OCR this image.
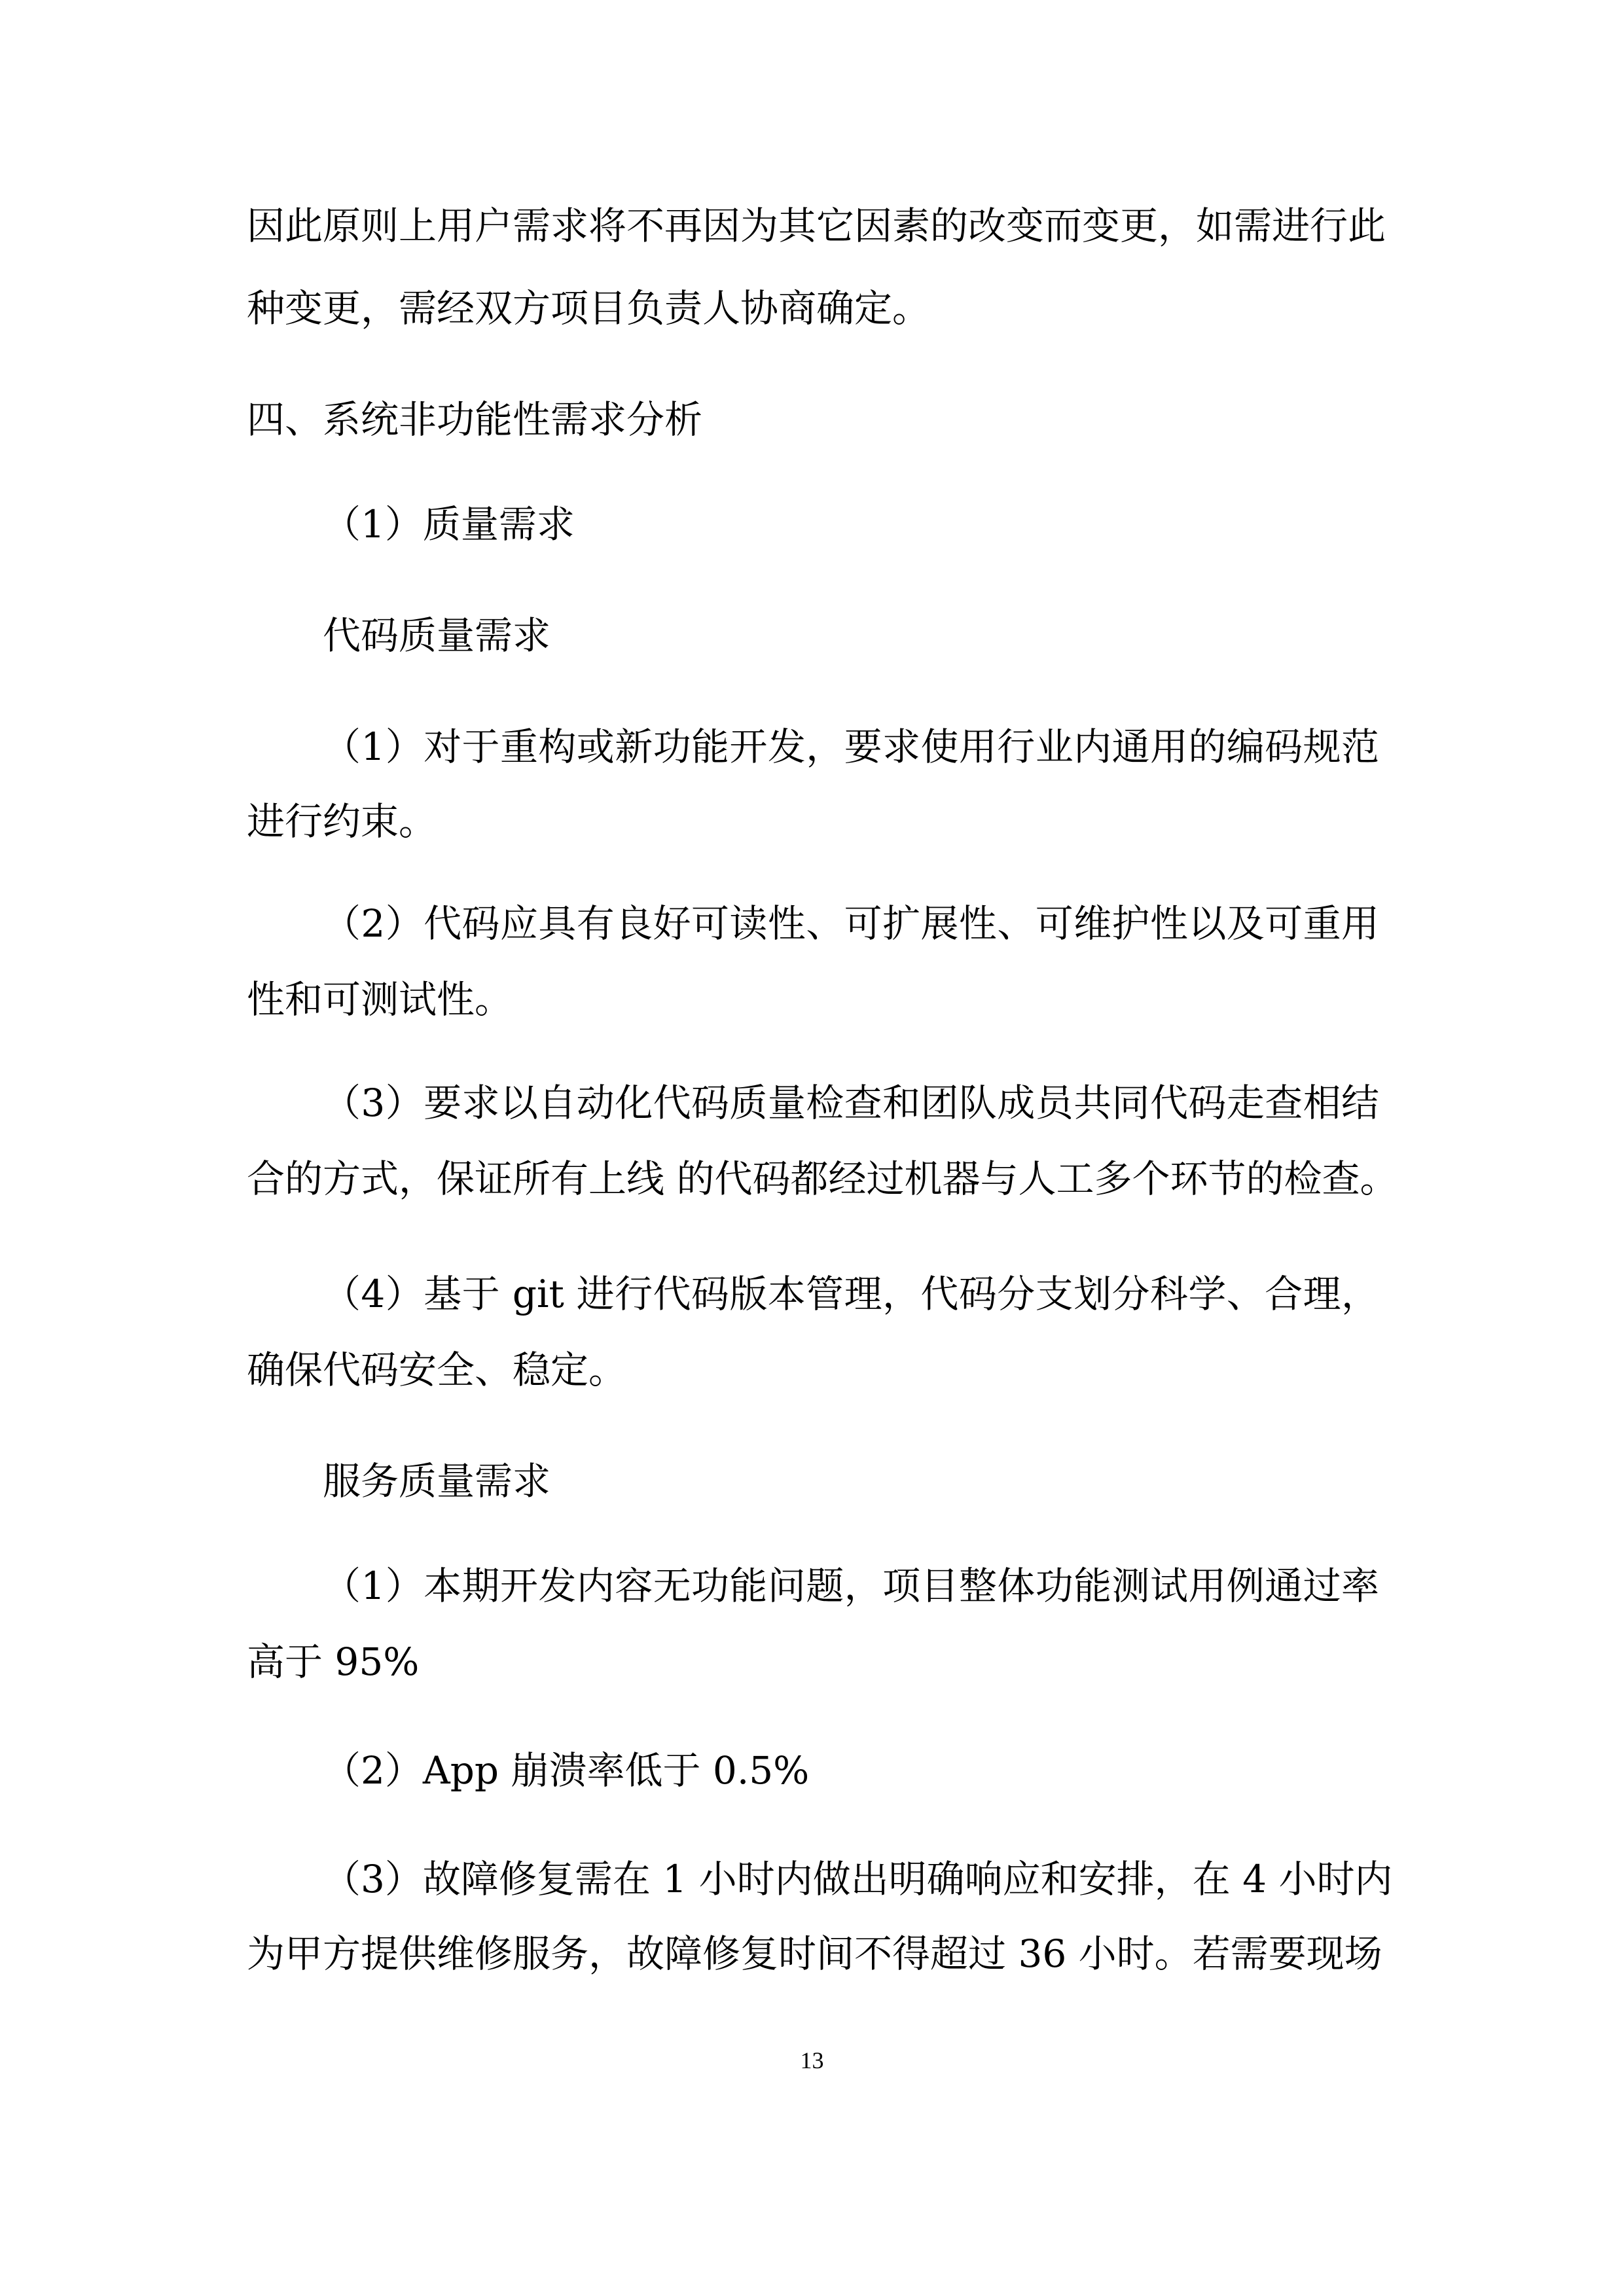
因此原则上用户需求将不再因为其它因素的改变而变更，如需进行此
种变更，需经双方项目负责人协商确定。
四、系统非功能性需求分析
（1）质量需求
代码质量需求
（1）对于重构或新功能开发，要求使用行业内通用的编码规范
进行约束。
（2）代码应具有良好可读性、可扩展性、可维护性以及可重用
性和可测试性。
（3）要求以自动化代码质量检查和团队成员共同代码走查相结
合的方式，保证所有上线 的代码都经过机器与人工多个环节的检查。
（4）基于 git 进行代码版本管理，代码分支划分科学、合理，
确保代码安全、稳定。
服务质量需求
（1）本期开发内容无功能问题，项目整体功能测试用例通过率
高于 95%
（2）App 崩溃率低于 0.5%
（3）故障修复需在 1 小时内做出明确响应和安排，在 4 小时内
为甲方提供维修服务，故障修复时间不得超过 36 小时。若需要现场
13
